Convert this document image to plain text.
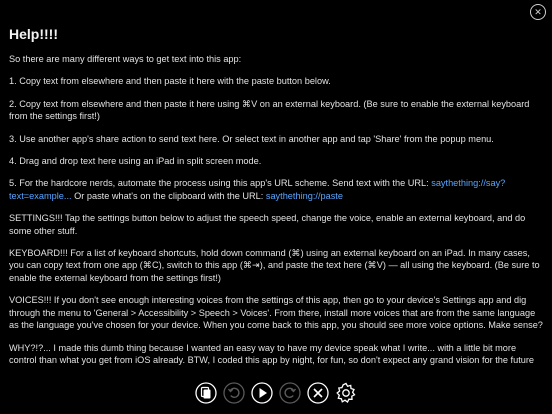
✕
Help!!!!

So there are many different ways to get text into this app:

1. Copy text from elsewhere and then paste it here with the paste button below.

2. Copy text from elsewhere and then paste it here using ⌘V on an external keyboard. (Be sure to enable the external keyboard from the settings first!)

3. Use another app's share action to send text here. Or select text in another app and tap 'Share' from the popup menu.

4. Drag and drop text here using an iPad in split screen mode.

5. For the hardcore nerds, automate the process using this app's URL scheme. Send text with the URL: saythething://say?text=example... Or paste what's on the clipboard with the URL: saythething://paste

SETTINGS!!! Tap the settings button below to adjust the speech speed, change the voice, enable an external keyboard, and do some other stuff.

KEYBOARD!!! For a list of keyboard shortcuts, hold down command (⌘) using an external keyboard on an iPad. In many cases, you can copy text from one app (⌘C), switch to this app (⌘⇥), and paste the text here (⌘V) — all using the keyboard. (Be sure to enable the external keyboard from the settings first!)

VOICES!!! If you don't see enough interesting voices from the settings of this app, then go to your device's Settings app and dig through the menu to 'General > Accessibility > Speech > Voices'. From there, install more voices that are from the same language as the language you've chosen for your device. When you come back to this app, you should see more voice options. Make sense?

WHY?!?... I made this dumb thing because I wanted an easy way to have my device speak what I write... with a little bit more control than what you get from iOS already. BTW, I coded this app by night, for fun, so don't expect any grand vision for the future
